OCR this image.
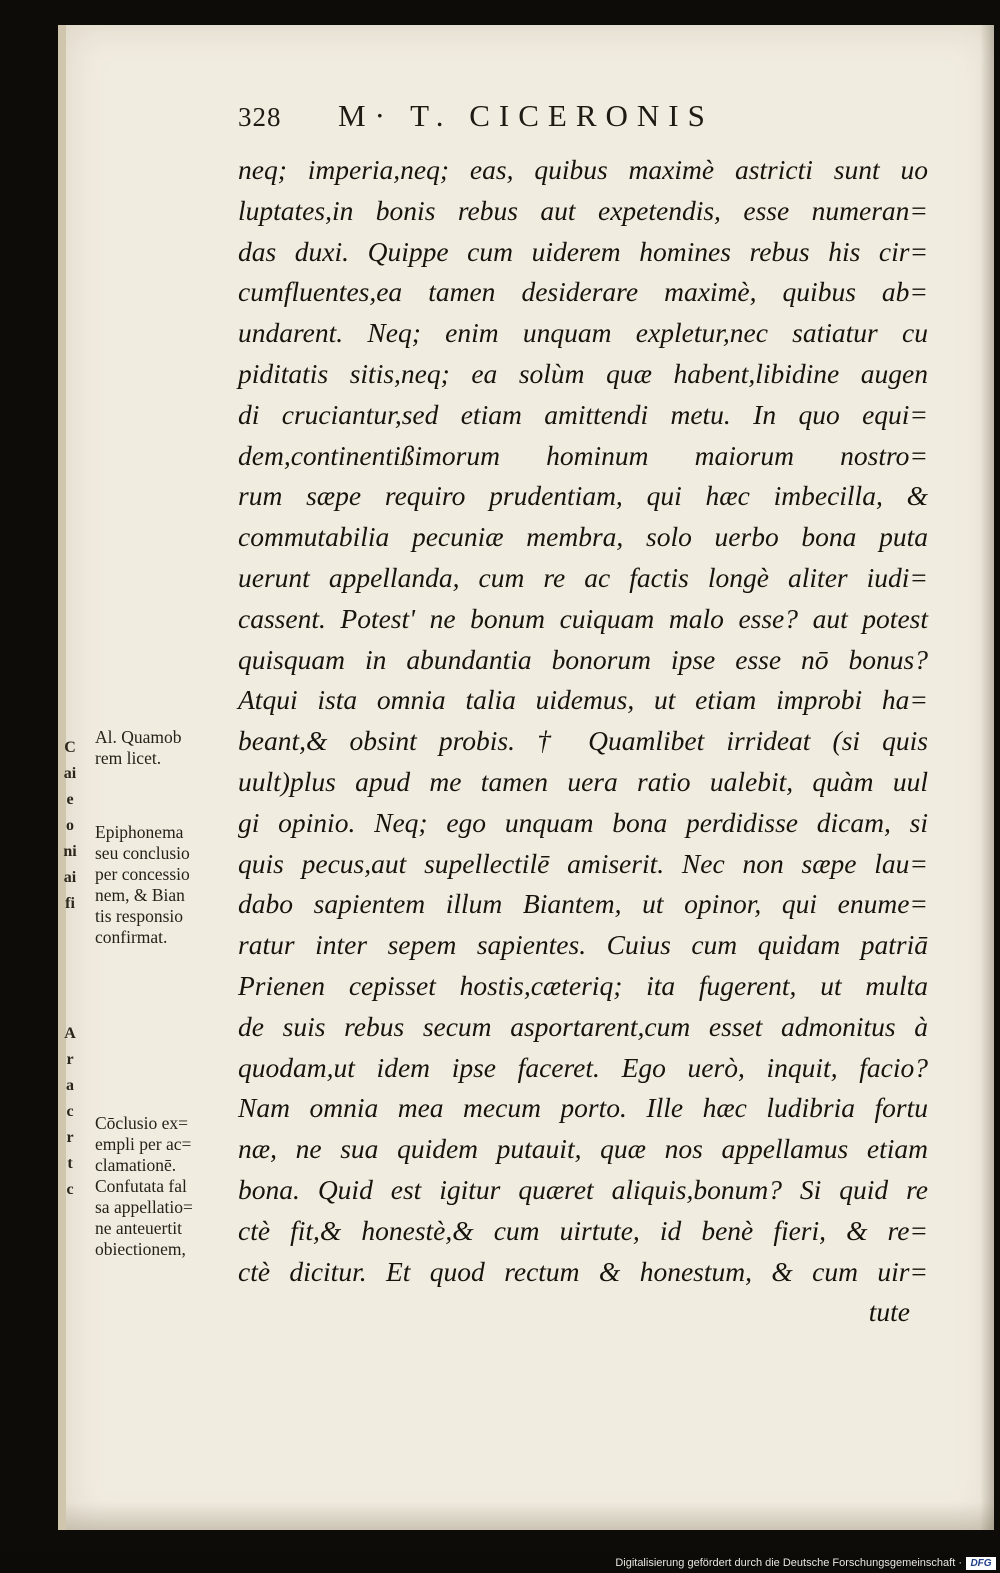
C
ai
e
o
ni
ai
fi
A
r
a
c
r
t
c
328 M· T. CICERONIS
neq; imperia,neq; eas, quibus maximè astricti sunt uo
luptates,in bonis rebus aut expetendis, esse numeran=
das duxi. Quippe cum uiderem homines rebus his cir=
cumfluentes,ea tamen desiderare maximè, quibus ab=
undarent. Neq; enim unquam expletur,nec satiatur cu
piditatis sitis,neq; ea solùm quæ habent,libidine augen
di cruciantur,sed etiam amittendi metu. In quo equi=
dem,continentißimorum hominum maiorum nostro=
rum sæpe requiro prudentiam, qui hæc imbecilla, &
commutabilia pecuniæ membra, solo uerbo bona puta
uerunt appellanda, cum re ac factis longè aliter iudi=
cassent. Potest' ne bonum cuiquam malo esse? aut potest
quisquam in abundantia bonorum ipse esse nō bonus?
Atqui ista omnia talia uidemus, ut etiam improbi ha=
beant,& obsint probis. † Quamlibet irrideat (si quis
uult)plus apud me tamen uera ratio ualebit, quàm uul
gi opinio. Neq; ego unquam bona perdidisse dicam, si
quis pecus,aut supellectilē amiserit. Nec non sæpe lau=
dabo sapientem illum Biantem, ut opinor, qui enume=
ratur inter sepem sapientes. Cuius cum quidam patriā
Prienen cepisset hostis,cæteriq; ita fugerent, ut multa
de suis rebus secum asportarent,cum esset admonitus à
quodam,ut idem ipse faceret. Ego uerò, inquit, facio?
Nam omnia mea mecum porto. Ille hæc ludibria fortu
næ, ne sua quidem putauit, quæ nos appellamus etiam
bona. Quid est igitur quæret aliquis,bonum? Si quid re
ctè fit,& honestè,& cum uirtute, id benè fieri, & re=
ctè dicitur. Et quod rectum & honestum, & cum uir=
tute
Al. Quamob
rem licet.
Epiphonema
seu conclusio
per concessio
nem, & Bian
tis responsio
confirmat.
Cōclusio ex=
empli per ac=
clamationē.
Confutata fal
sa appellatio=
ne anteuertit
obiectionem,
Digitalisierung gefördert durch die Deutsche Forschungsgemeinschaft · DFG
